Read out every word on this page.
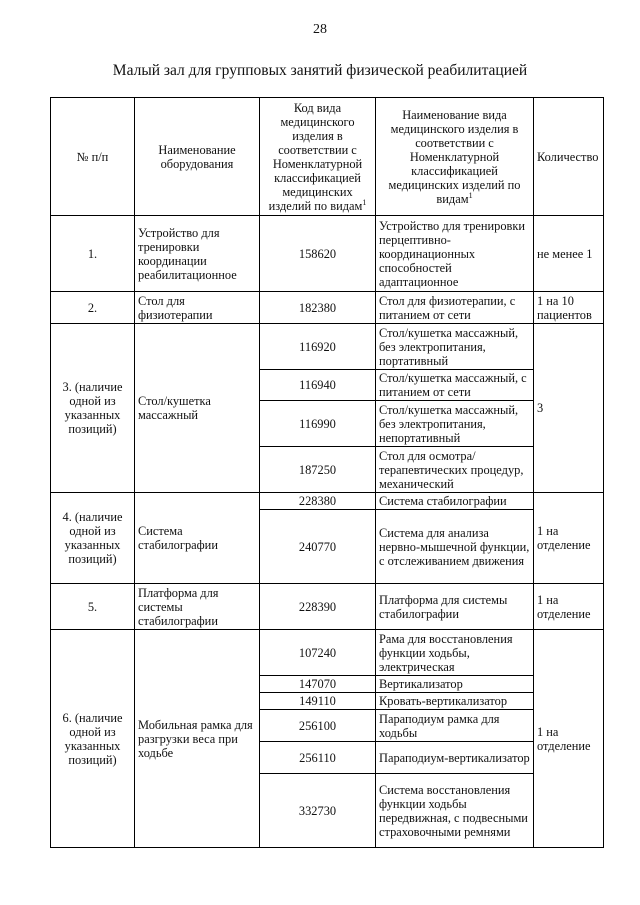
28
Малый зал для групповых занятий физической реабилитацией
№ п/п	Наименование оборудования	Код вида медицинского изделия в соответствии с Номенклатурной классификацией медицинских изделий по видам$^1$	Наименование вида медицинского изделия в соответствии с Номенклатурной классификацией медицинских изделий по видам$^1$	Количество
1.	Устройство для тренировки координации реабилитационное	158620	Устройство для тренировки перцептивно-координационных способностей адаптационное	не менее 1
2.	Стол для физиотерапии	182380	Стол для физиотерапии, с питанием от сети	1 на 10 пациентов
3. (наличие одной из указанных позиций)	Стол/кушетка массажный	116920	Стол/кушетка массажный, без электропитания, портативный	3
		116940	Стол/кушетка массажный, с питанием от сети	
		116990	Стол/кушетка массажный, без электропитания, непортативный	
		187250	Стол для осмотра/ терапевтических процедур, механический	
4. (наличие одной из указанных позиций)	Система стабилографии	228380	Система стабилографии	1 на отделение
		240770	Система для анализа нервно-мышечной функции, с отслеживанием движения	
5.	Платформа для системы стабилографии	228390	Платформа для системы стабилографии	1 на отделение
6. (наличие одной из указанных позиций)	Мобильная рамка для разгрузки веса при ходьбе	107240	Рама для восстановления функции ходьбы, электрическая	1 на отделение
		147070	Вертикализатор	
		149110	Кровать-вертикализатор	
		256100	Параподиум рамка для ходьбы	
		256110	Параподиум-вертикализатор	
		332730	Система восстановления функции ходьбы передвижная, с подвесными страховочными ремнями	
